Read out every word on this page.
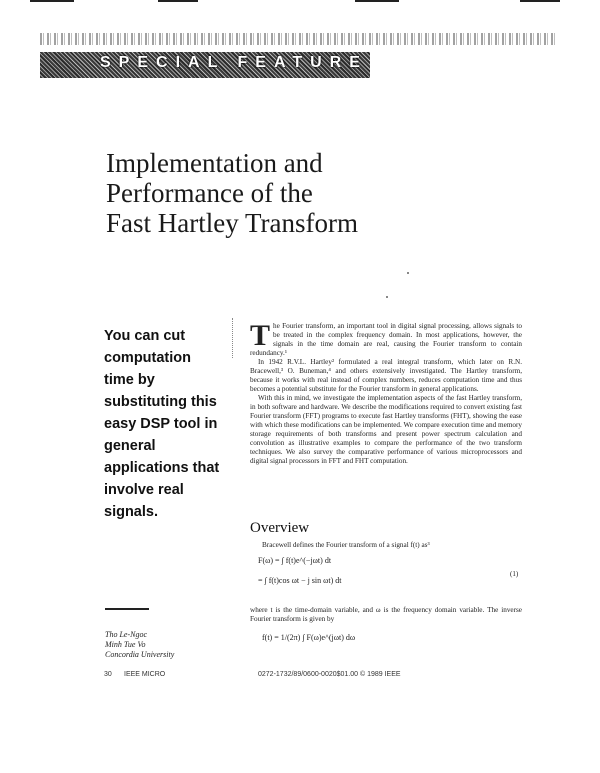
SPECIAL FEATURE
Implementation and
Performance of the
Fast Hartley Transform
You can cut computation time by substituting this easy DSP tool in general applications that involve real signals.
T he Fourier transform, an important tool in digital signal processing, allows signals to be treated in the complex frequency domain. In most applications, however, the signals in the time domain are real, causing the Fourier transform to contain redundancy.¹

In 1942 R.V.L. Hartley² formulated a real integral transform, which later on R.N. Bracewell,³ O. Buneman,⁴ and others extensively investigated. The Hartley transform, because it works with real instead of complex numbers, reduces computation time and thus becomes a potential substitute for the Fourier transform in general applications.

With this in mind, we investigate the implementation aspects of the fast Hartley transform, in both software and hardware. We describe the modifications required to convert existing fast Fourier transform (FFT) programs to execute fast Hartley transforms (FHT), showing the ease with which these modifications can be implemented. We compare execution time and memory storage requirements of both transforms and present power spectrum calculation and convolution as illustrative examples to compare the performance of the two transform techniques. We also survey the comparative performance of various microprocessors and digital signal processors in FFT and FHT computation.

Overview
Bracewell defines the Fourier transform of a signal f(t) as³
F(ω) = ∫ f(t)e^(−jωt) dt
= ∫ f(t)cos ωt − j sin ωt) dt
(1)
where t is the time-domain variable, and ω is the frequency domain variable. The inverse Fourier transform is given by
f(t) = 1/(2π) ∫ F(ω)e^(jωt) dω
Tho Le-Ngoc
Minh Tue Vo
Concordia University
30 IEEE MICRO	0272-1732/89/0600-0020$01.00 © 1989 IEEE
